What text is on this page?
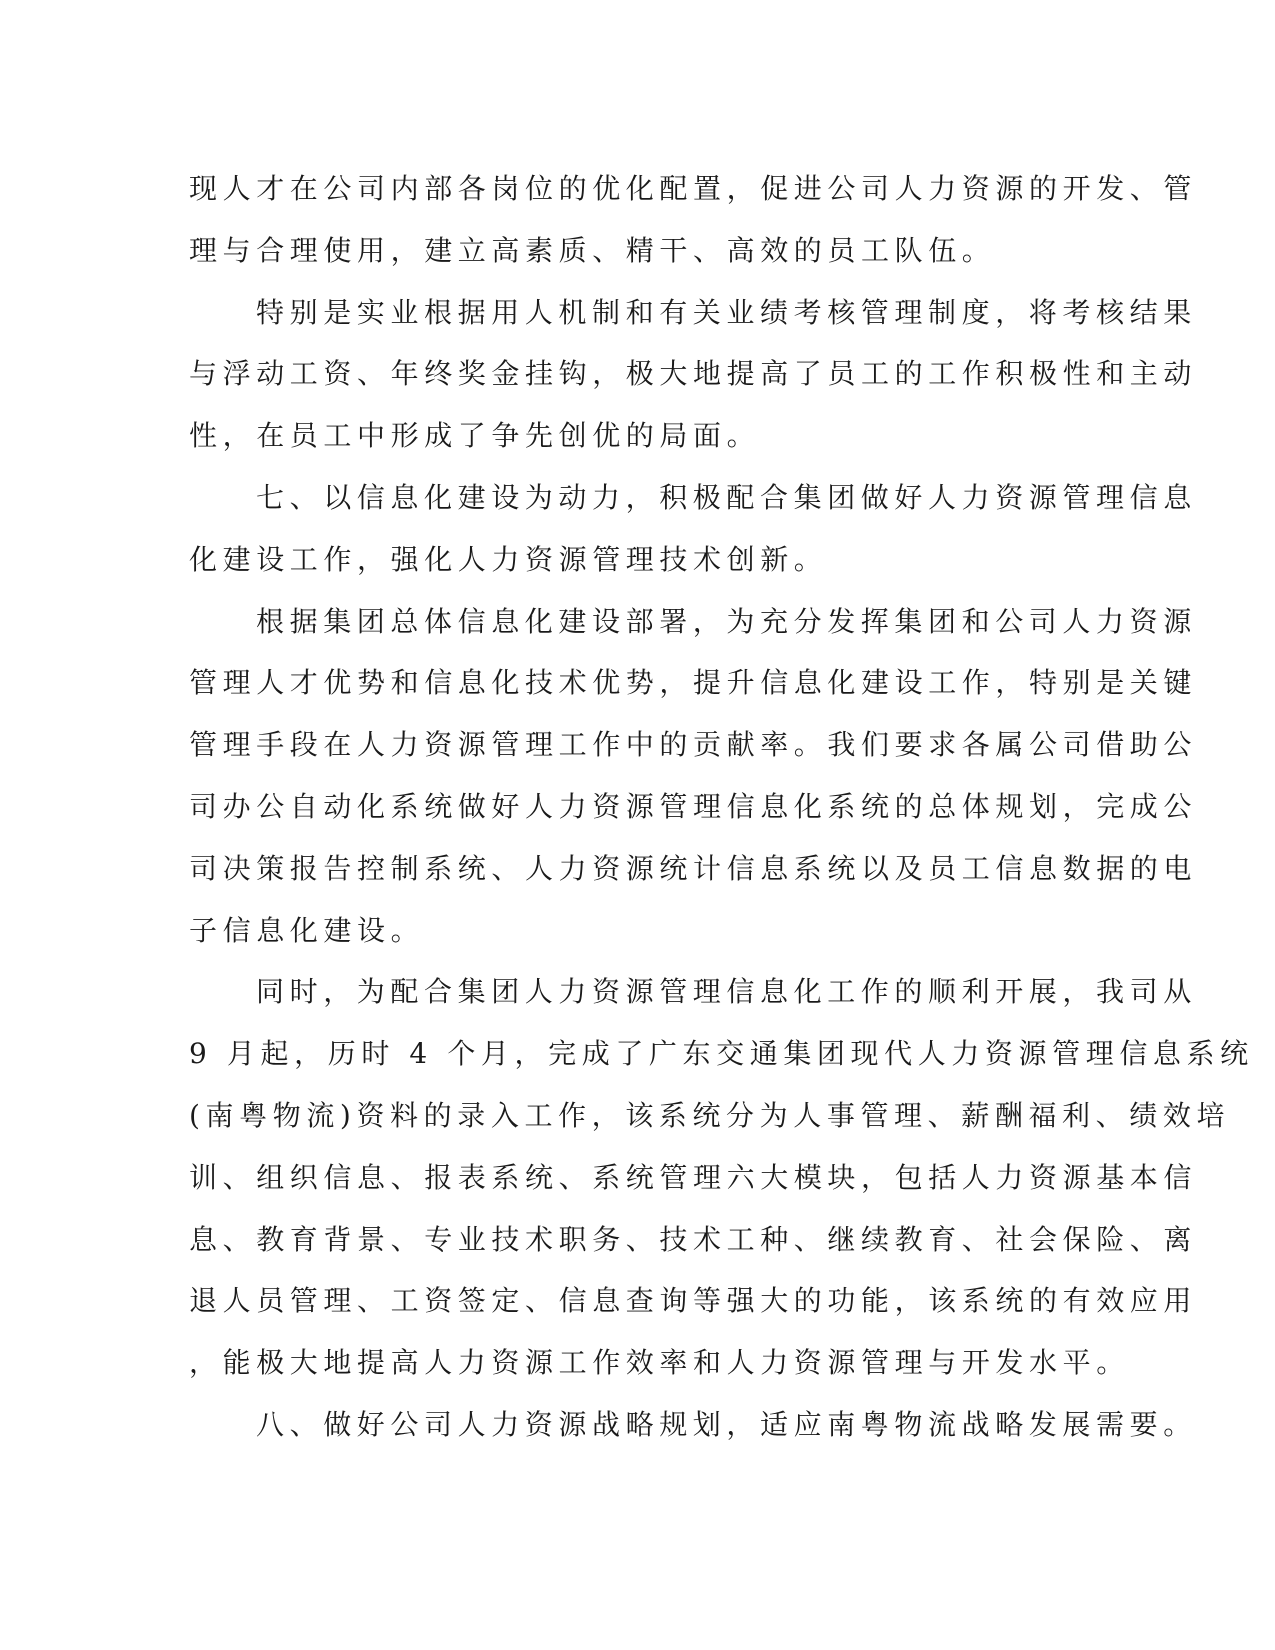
现人才在公司内部各岗位的优化配置，促进公司人力资源的开发、管
理与合理使用，建立高素质、精干、高效的员工队伍。
特别是实业根据用人机制和有关业绩考核管理制度，将考核结果
与浮动工资、年终奖金挂钩，极大地提高了员工的工作积极性和主动
性，在员工中形成了争先创优的局面。
七、以信息化建设为动力，积极配合集团做好人力资源管理信息
化建设工作，强化人力资源管理技术创新。
根据集团总体信息化建设部署，为充分发挥集团和公司人力资源
管理人才优势和信息化技术优势，提升信息化建设工作，特别是关键
管理手段在人力资源管理工作中的贡献率。我们要求各属公司借助公
司办公自动化系统做好人力资源管理信息化系统的总体规划，完成公
司决策报告控制系统、人力资源统计信息系统以及员工信息数据的电
子信息化建设。
同时，为配合集团人力资源管理信息化工作的顺利开展，我司从
9 月起，历时 4 个月，完成了广东交通集团现代人力资源管理信息系统
(南粤物流)资料的录入工作，该系统分为人事管理、薪酬福利、绩效培
训、组织信息、报表系统、系统管理六大模块，包括人力资源基本信
息、教育背景、专业技术职务、技术工种、继续教育、社会保险、离
退人员管理、工资签定、信息查询等强大的功能，该系统的有效应用
，能极大地提高人力资源工作效率和人力资源管理与开发水平。
八、做好公司人力资源战略规划，适应南粤物流战略发展需要。
